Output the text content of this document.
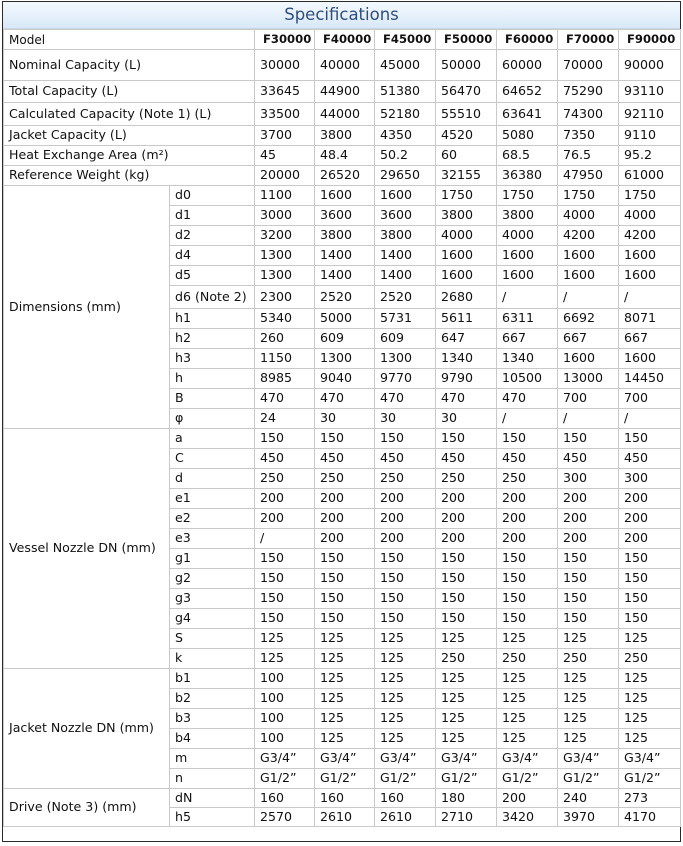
Specifications
Model		F30000	F40000	F45000	F50000	F60000	F70000	F90000
Nominal Capacity (L)		30000	40000	45000	50000	60000	70000	90000
Total Capacity (L)		33645	44900	51380	56470	64652	75290	93110
Calculated Capacity (Note 1) (L)		33500	44000	52180	55510	63641	74300	92110
Jacket Capacity (L)		3700	3800	4350	4520	5080	7350	9110
Heat Exchange Area (m²)		45	48.4	50.2	60	68.5	76.5	95.2
Reference Weight (kg)		20000	26520	29650	32155	36380	47950	61000
Dimensions (mm)	d0	1100	1600	1600	1750	1750	1750	1750
	d1	3000	3600	3600	3800	3800	4000	4000
	d2	3200	3800	3800	4000	4000	4200	4200
	d4	1300	1400	1400	1600	1600	1600	1600
	d5	1300	1400	1400	1600	1600	1600	1600
	d6 (Note 2)	2300	2520	2520	2680	/	/	/
	h1	5340	5000	5731	5611	6311	6692	8071
	h2	260	609	609	647	667	667	667
	h3	1150	1300	1300	1340	1340	1600	1600
	h	8985	9040	9770	9790	10500	13000	14450
	B	470	470	470	470	470	700	700
	φ	24	30	30	30	/	/	/
Vessel Nozzle DN (mm)	a	150	150	150	150	150	150	150
	C	450	450	450	450	450	450	450
	d	250	250	250	250	250	300	300
	e1	200	200	200	200	200	200	200
	e2	200	200	200	200	200	200	200
	e3	/	200	200	200	200	200	200
	g1	150	150	150	150	150	150	150
	g2	150	150	150	150	150	150	150
	g3	150	150	150	150	150	150	150
	g4	150	150	150	150	150	150	150
	S	125	125	125	125	125	125	125
	k	125	125	125	250	250	250	250
Jacket Nozzle DN (mm)	b1	100	125	125	125	125	125	125
	b2	100	125	125	125	125	125	125
	b3	100	125	125	125	125	125	125
	b4	100	125	125	125	125	125	125
	m	G3/4”	G3/4”	G3/4”	G3/4”	G3/4”	G3/4”	G3/4”
	n	G1/2”	G1/2”	G1/2”	G1/2”	G1/2”	G1/2”	G1/2”
Drive (Note 3) (mm)	dN	160	160	160	180	200	240	273
	h5	2570	2610	2610	2710	3420	3970	4170
